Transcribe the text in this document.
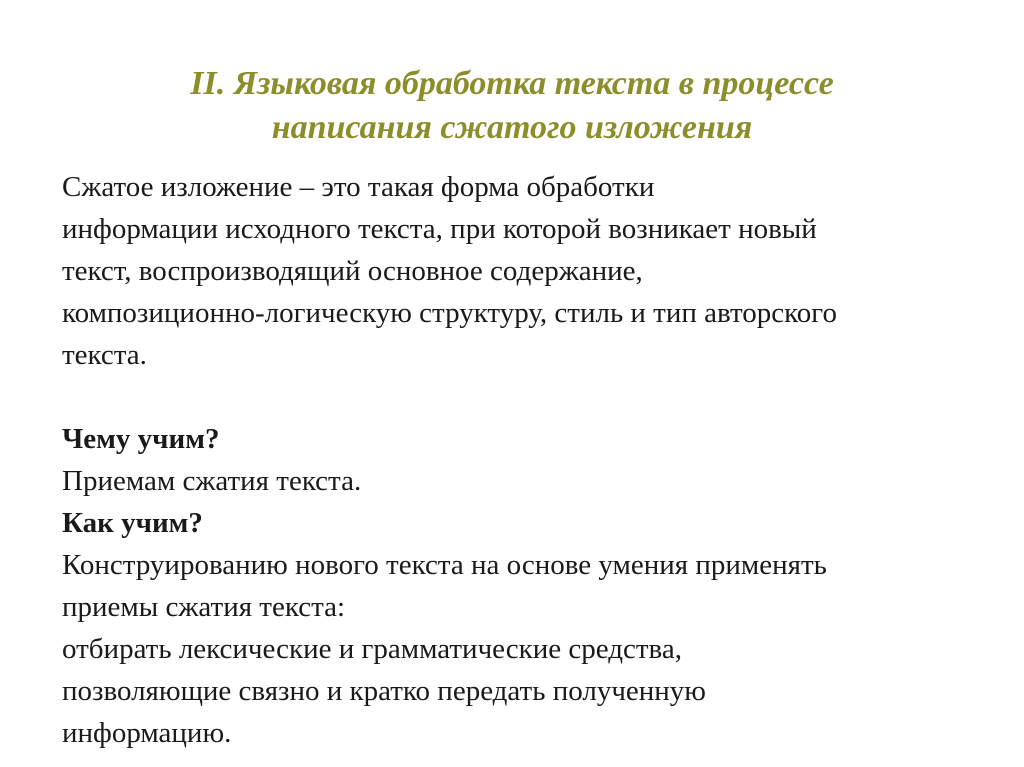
II. Языковая обработка текста в процессе
написания сжатого изложения

Сжатое изложение – это такая форма обработки

информации исходного текста, при которой возникает новый

текст, воспроизводящий основное содержание,

композиционно-логическую структуру, стиль и тип авторского

текста.

Чему учим?

Приемам сжатия текста.

Как учим?

Конструированию нового текста на основе умения применять

приемы сжатия текста:

отбирать лексические и грамматические средства,

позволяющие связно и кратко передать полученную

информацию.
